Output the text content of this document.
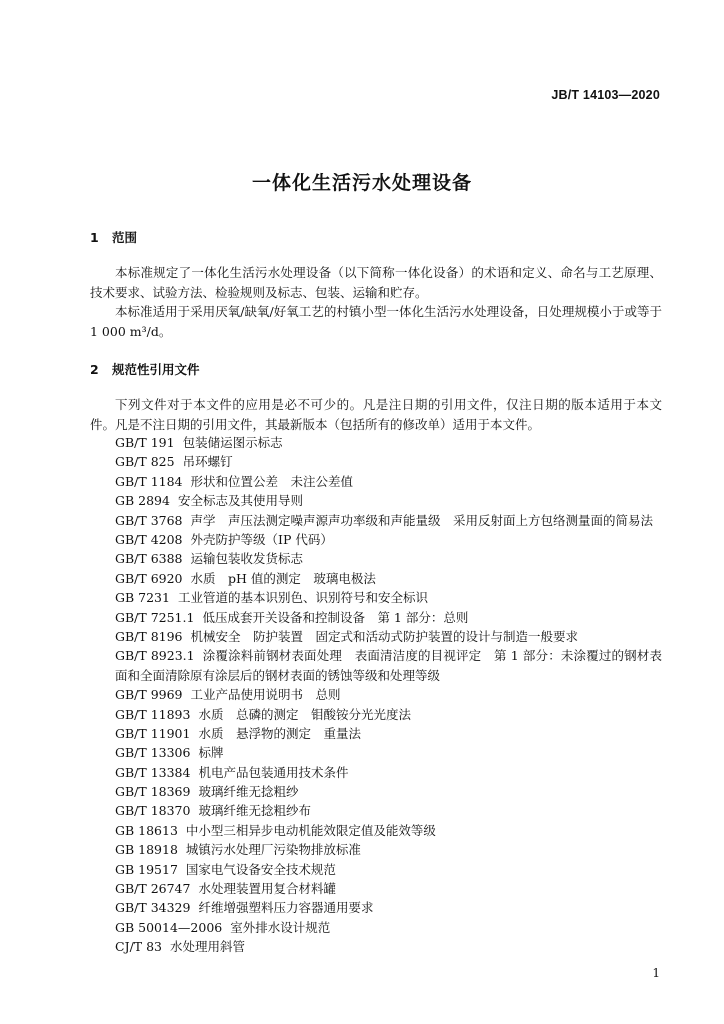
JB/T 14103—2020
一体化生活污水处理设备
1 范围
本标准规定了一体化生活污水处理设备（以下简称一体化设备）的术语和定义、命名与工艺原理、技术要求、试验方法、检验规则及标志、包装、运输和贮存。
本标准适用于采用厌氧/缺氧/好氧工艺的村镇小型一体化生活污水处理设备，日处理规模小于或等于 1 000 m³/d。
2 规范性引用文件
下列文件对于本文件的应用是必不可少的。凡是注日期的引用文件，仅注日期的版本适用于本文件。凡是不注日期的引用文件，其最新版本（包括所有的修改单）适用于本文件。
GB/T 191 包装储运图示标志
GB/T 825 吊环螺钉
GB/T 1184 形状和位置公差　未注公差值
GB 2894 安全标志及其使用导则
GB/T 3768 声学　声压法测定噪声源声功率级和声能量级　采用反射面上方包络测量面的简易法
GB/T 4208 外壳防护等级（IP 代码）
GB/T 6388 运输包装收发货标志
GB/T 6920 水质　pH 值的测定　玻璃电极法
GB 7231 工业管道的基本识别色、识别符号和安全标识
GB/T 7251.1 低压成套开关设备和控制设备　第 1 部分：总则
GB/T 8196 机械安全　防护装置　固定式和活动式防护装置的设计与制造一般要求
GB/T 8923.1 涂覆涂料前钢材表面处理　表面清洁度的目视评定　第 1 部分：未涂覆过的钢材表面和全面清除原有涂层后的钢材表面的锈蚀等级和处理等级
GB/T 9969 工业产品使用说明书　总则
GB/T 11893 水质　总磷的测定　钼酸铵分光光度法
GB/T 11901 水质　悬浮物的测定　重量法
GB/T 13306 标牌
GB/T 13384 机电产品包装通用技术条件
GB/T 18369 玻璃纤维无捻粗纱
GB/T 18370 玻璃纤维无捻粗纱布
GB 18613 中小型三相异步电动机能效限定值及能效等级
GB 18918 城镇污水处理厂污染物排放标准
GB 19517 国家电气设备安全技术规范
GB/T 26747 水处理装置用复合材料罐
GB/T 34329 纤维增强塑料压力容器通用要求
GB 50014—2006 室外排水设计规范
CJ/T 83 水处理用斜管
1
